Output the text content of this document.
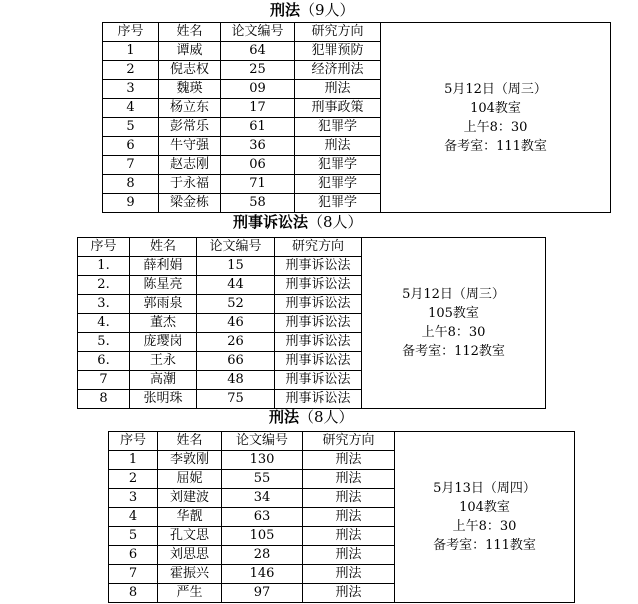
刑法（9人）
序号	姓名	论文编号	研究方向	5月12日（周三）
104教室
上午8：30
备考室：111教室

1	谭威	64	犯罪预防	
2	倪志权	25	经济刑法	
3	魏瑛	09	刑法	
4	杨立东	17	刑事政策	
5	彭常乐	61	犯罪学	
6	牛守强	36	刑法	
7	赵志刚	06	犯罪学	
8	于永福	71	犯罪学	
9	梁金栋	58	犯罪学	
刑事诉讼法（8人）
序号	姓名	论文编号	研究方向	5月12日（周三）
105教室
上午8：30
备考室：112教室

1.	薛利娟	15	刑事诉讼法	
2.	陈星亮	44	刑事诉讼法	
3.	郭雨泉	52	刑事诉讼法	
4.	董杰	46	刑事诉讼法	
5.	庞璎岗	26	刑事诉讼法	
6.	王永	66	刑事诉讼法	
7	高潮	48	刑事诉讼法	
8	张明珠	75	刑事诉讼法	
刑法（8人）
序号	姓名	论文编号	研究方向	5月13日（周四）
104教室
上午8：30
备考室：111教室

1	李敦刚	130	刑法	
2	屈妮	55	刑法	
3	刘建波	34	刑法	
4	华靓	63	刑法	
5	孔文思	105	刑法	
6	刘思思	28	刑法	
7	霍振兴	146	刑法	
8	严生	97	刑法	
